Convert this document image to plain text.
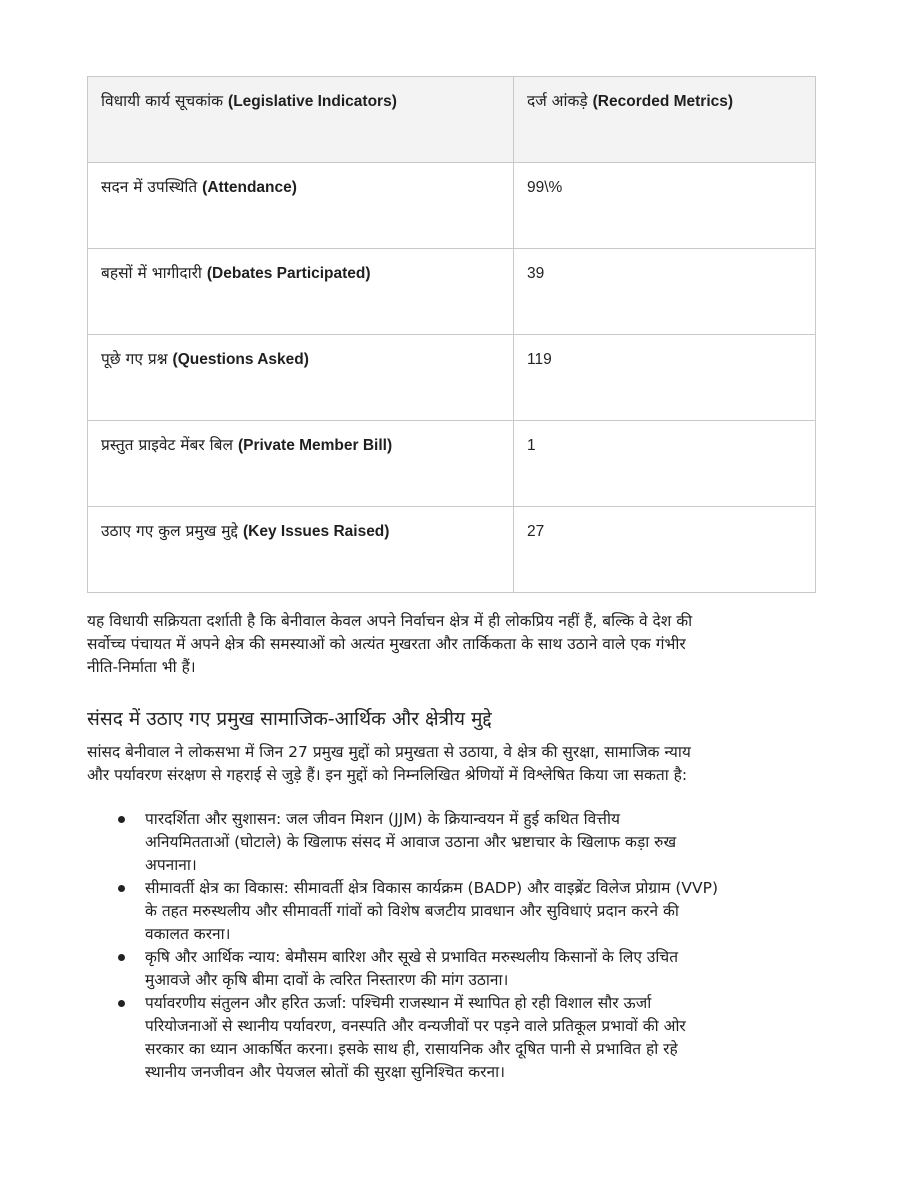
विधायी कार्य सूचकांक (Legislative Indicators)	दर्ज आंकड़े (Recorded Metrics)
सदन में उपस्थिति (Attendance)	99\%
बहसों में भागीदारी (Debates Participated)	39
पूछे गए प्रश्न (Questions Asked)	119
प्रस्तुत प्राइवेट मेंबर बिल (Private Member Bill)	1
उठाए गए कुल प्रमुख मुद्दे (Key Issues Raised)	27

यह विधायी सक्रियता दर्शाती है कि बेनीवाल केवल अपने निर्वाचन क्षेत्र में ही लोकप्रिय नहीं हैं, बल्कि वे देश की
सर्वोच्च पंचायत में अपने क्षेत्र की समस्याओं को अत्यंत मुखरता और तार्किकता के साथ उठाने वाले एक गंभीर
नीति-निर्माता भी हैं।

संसद में उठाए गए प्रमुख सामाजिक-आर्थिक और क्षेत्रीय मुद्दे

सांसद बेनीवाल ने लोकसभा में जिन 27 प्रमुख मुद्दों को प्रमुखता से उठाया, वे क्षेत्र की सुरक्षा, सामाजिक न्याय
और पर्यावरण संरक्षण से गहराई से जुड़े हैं। इन मुद्दों को निम्नलिखित श्रेणियों में विश्लेषित किया जा सकता है:

पारदर्शिता और सुशासन: जल जीवन मिशन (JJM) के क्रियान्वयन में हुई कथित वित्तीय
अनियमितताओं (घोटाले) के खिलाफ संसद में आवाज उठाना और भ्रष्टाचार के खिलाफ कड़ा रुख
अपनाना।
सीमावर्ती क्षेत्र का विकास: सीमावर्ती क्षेत्र विकास कार्यक्रम (BADP) और वाइब्रेंट विलेज प्रोग्राम (VVP)
के तहत मरुस्थलीय और सीमावर्ती गांवों को विशेष बजटीय प्रावधान और सुविधाएं प्रदान करने की
वकालत करना।
कृषि और आर्थिक न्याय: बेमौसम बारिश और सूखे से प्रभावित मरुस्थलीय किसानों के लिए उचित
मुआवजे और कृषि बीमा दावों के त्वरित निस्तारण की मांग उठाना।
पर्यावरणीय संतुलन और हरित ऊर्जा: पश्चिमी राजस्थान में स्थापित हो रही विशाल सौर ऊर्जा
परियोजनाओं से स्थानीय पर्यावरण, वनस्पति और वन्यजीवों पर पड़ने वाले प्रतिकूल प्रभावों की ओर
सरकार का ध्यान आकर्षित करना। इसके साथ ही, रासायनिक और दूषित पानी से प्रभावित हो रहे
स्थानीय जनजीवन और पेयजल स्रोतों की सुरक्षा सुनिश्चित करना।
